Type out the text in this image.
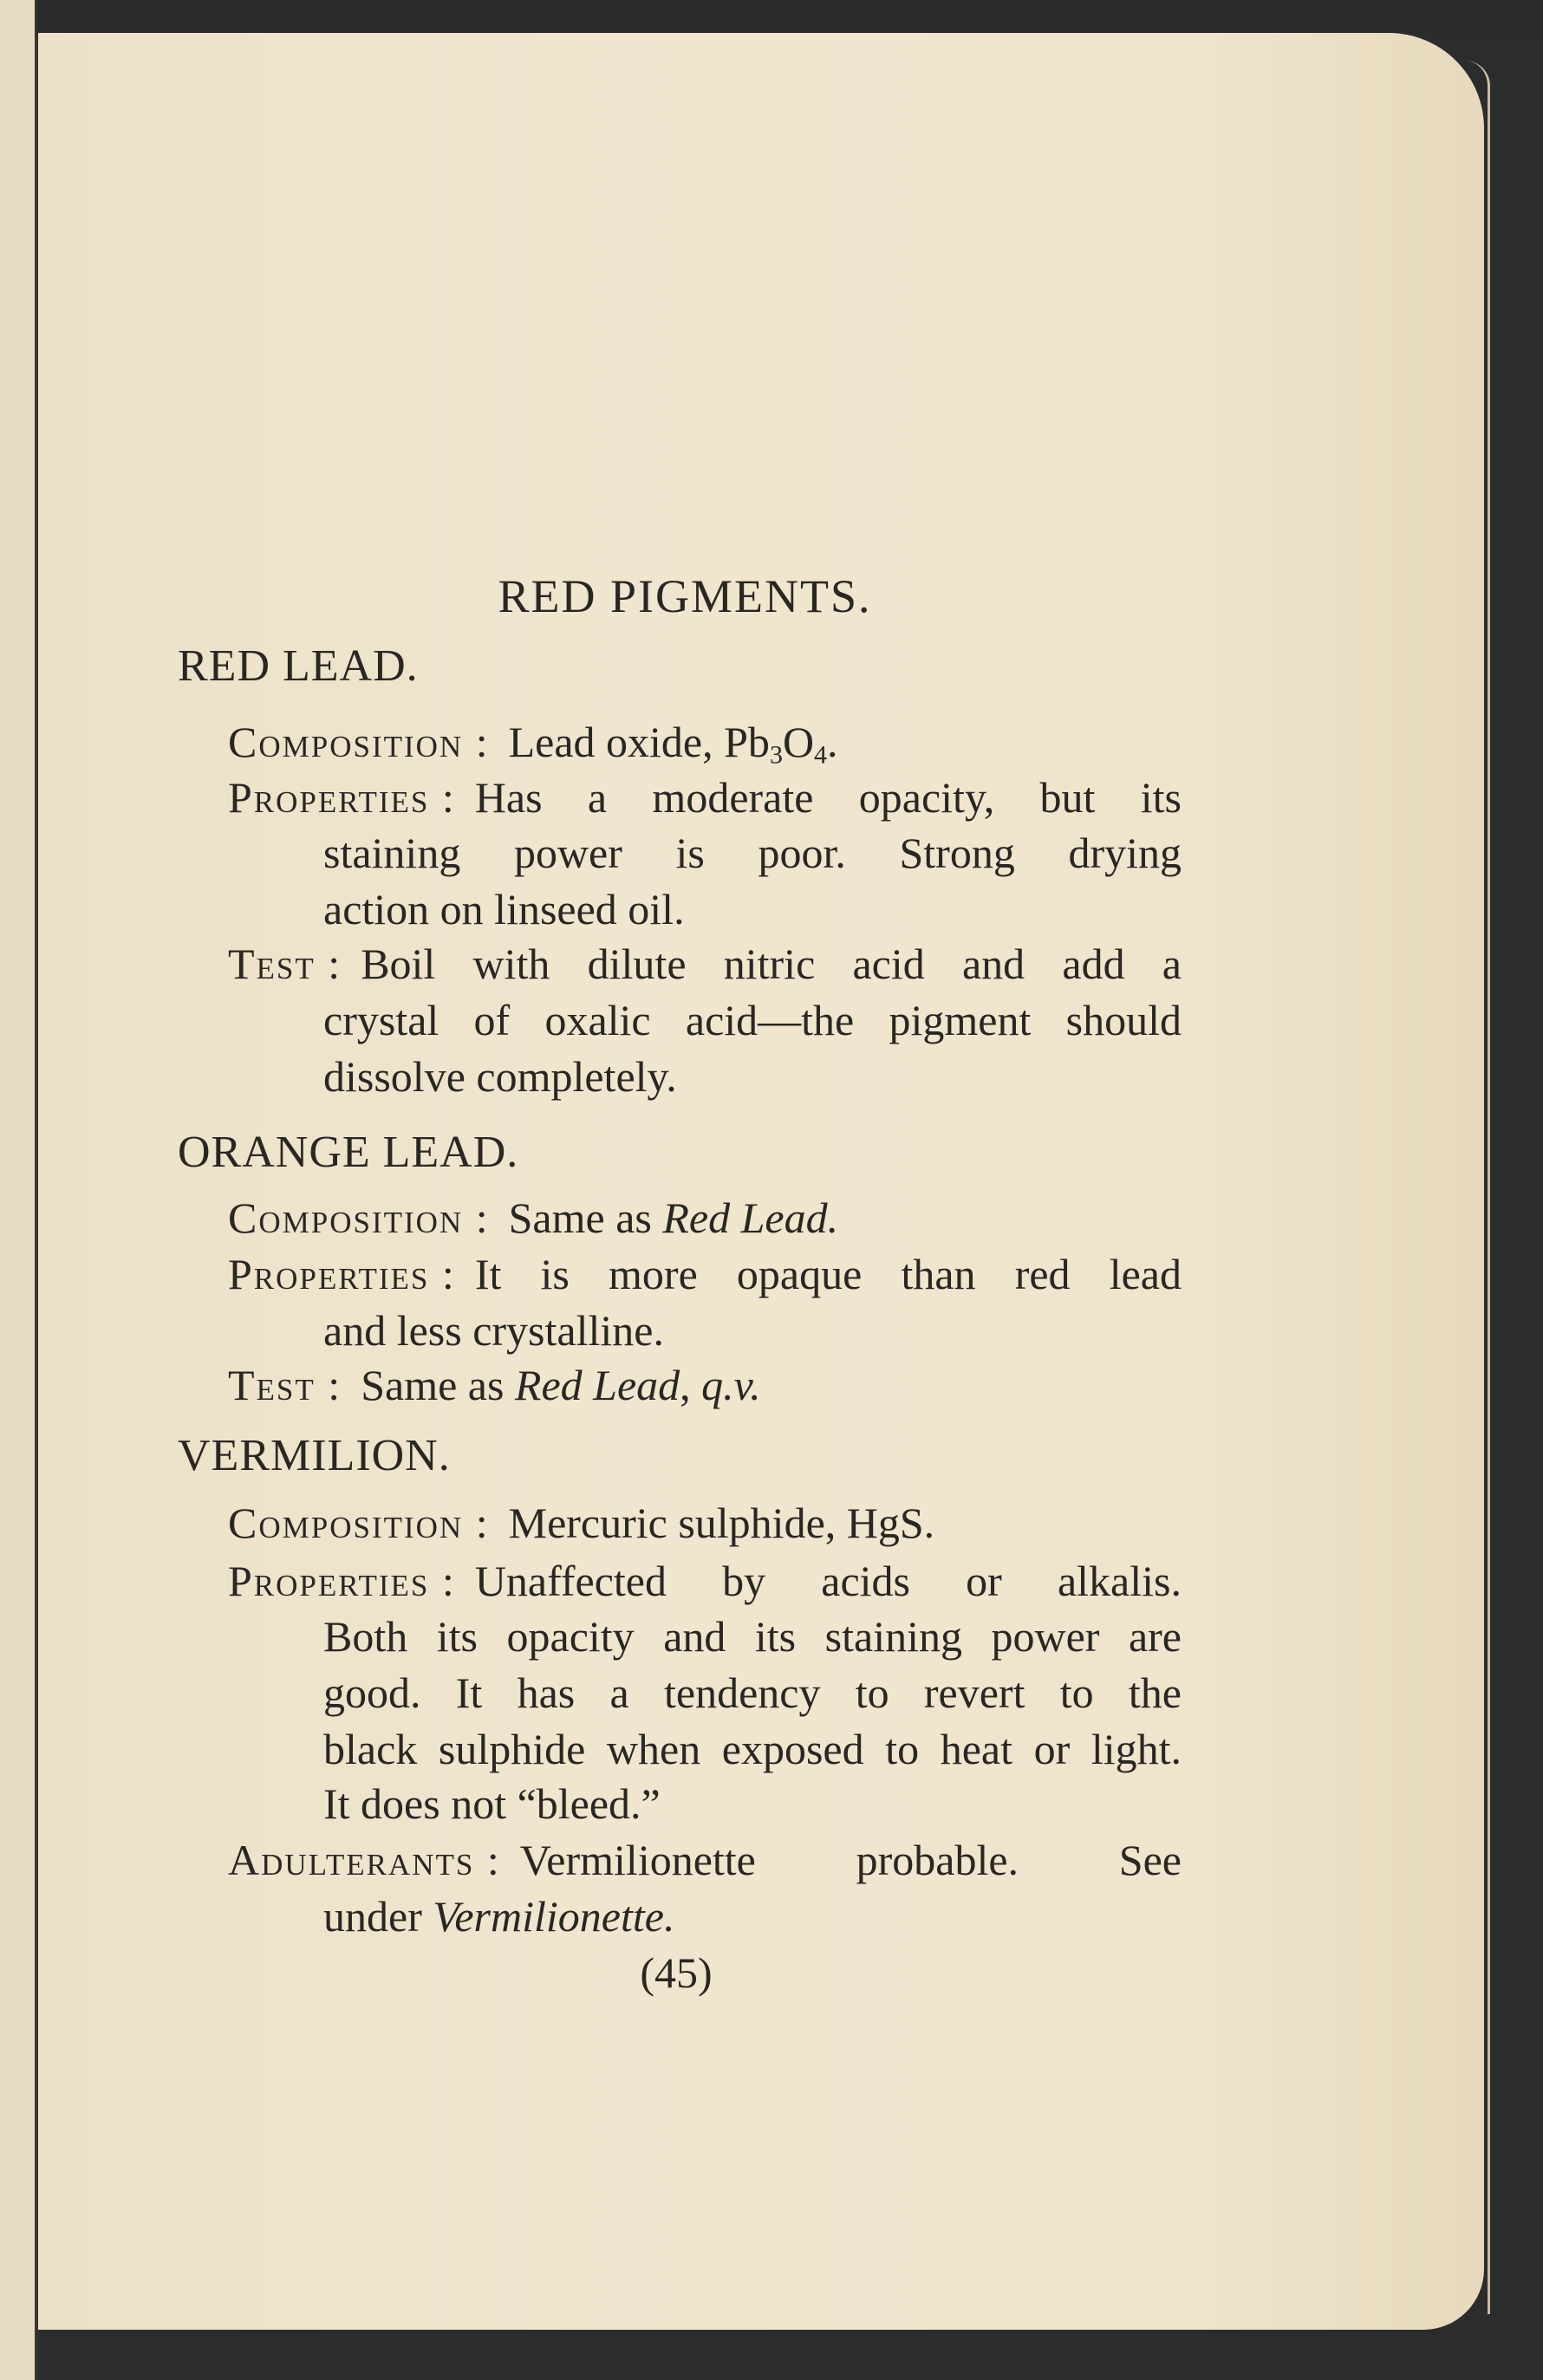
RED PIGMENTS.
RED LEAD.
Composition : Lead oxide, $Pb_3O_4$.
Properties : Has a moderate opacity, but its
staining power is poor. Strong drying
action on linseed oil.
Test : Boil with dilute nitric acid and add a
crystal of oxalic acid—the pigment should
dissolve completely.
ORANGE LEAD.
Composition : Same as Red Lead.
Properties : It is more opaque than red lead
and less crystalline.
Test : Same as Red Lead, q.v.
VERMILION.
Composition : Mercuric sulphide, HgS.
Properties : Unaffected by acids or alkalis.
Both its opacity and its staining power are
good. It has a tendency to revert to the
black sulphide when exposed to heat or light.
It does not “bleed.”
Adulterants : Vermilionette probable. See
under Vermilionette.
(45)
